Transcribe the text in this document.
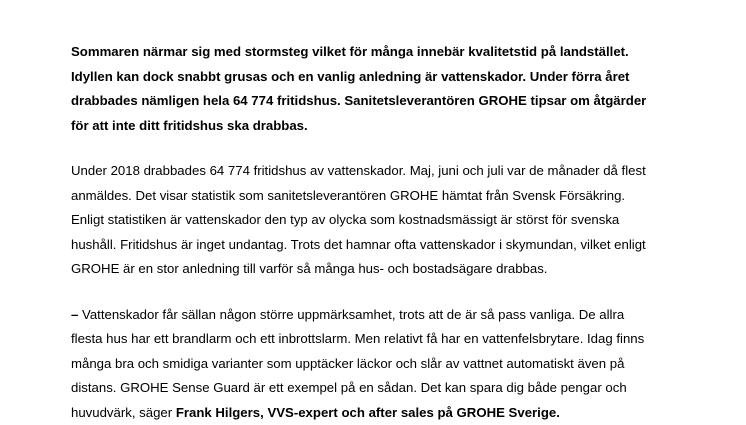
Sommaren närmar sig med stormsteg vilket för många innebär kvalitetstid på landstället.
Idyllen kan dock snabbt grusas och en vanlig anledning är vattenskador. Under förra året
drabbades nämligen hela 64 774 fritidshus. Sanitetsleverantören GROHE tipsar om åtgärder
för att inte ditt fritidshus ska drabbas.

Under 2018 drabbades 64 774 fritidshus av vattenskador. Maj, juni och juli var de månader då flest
anmäldes. Det visar statistik som sanitetsleverantören GROHE hämtat från Svensk Försäkring.
Enligt statistiken är vattenskador den typ av olycka som kostnadsmässigt är störst för svenska
hushåll. Fritidshus är inget undantag. Trots det hamnar ofta vattenskador i skymundan, vilket enligt
GROHE är en stor anledning till varför så många hus- och bostadsägare drabbas.

– Vattenskador får sällan någon större uppmärksamhet, trots att de är så pass vanliga. De allra
flesta hus har ett brandlarm och ett inbrottslarm. Men relativt få har en vattenfelsbrytare. Idag finns
många bra och smidiga varianter som upptäcker läckor och slår av vattnet automatiskt även på
distans. GROHE Sense Guard är ett exempel på en sådan. Det kan spara dig både pengar och
huvudvärk, säger Frank Hilgers, VVS-expert och after sales på GROHE Sverige.
